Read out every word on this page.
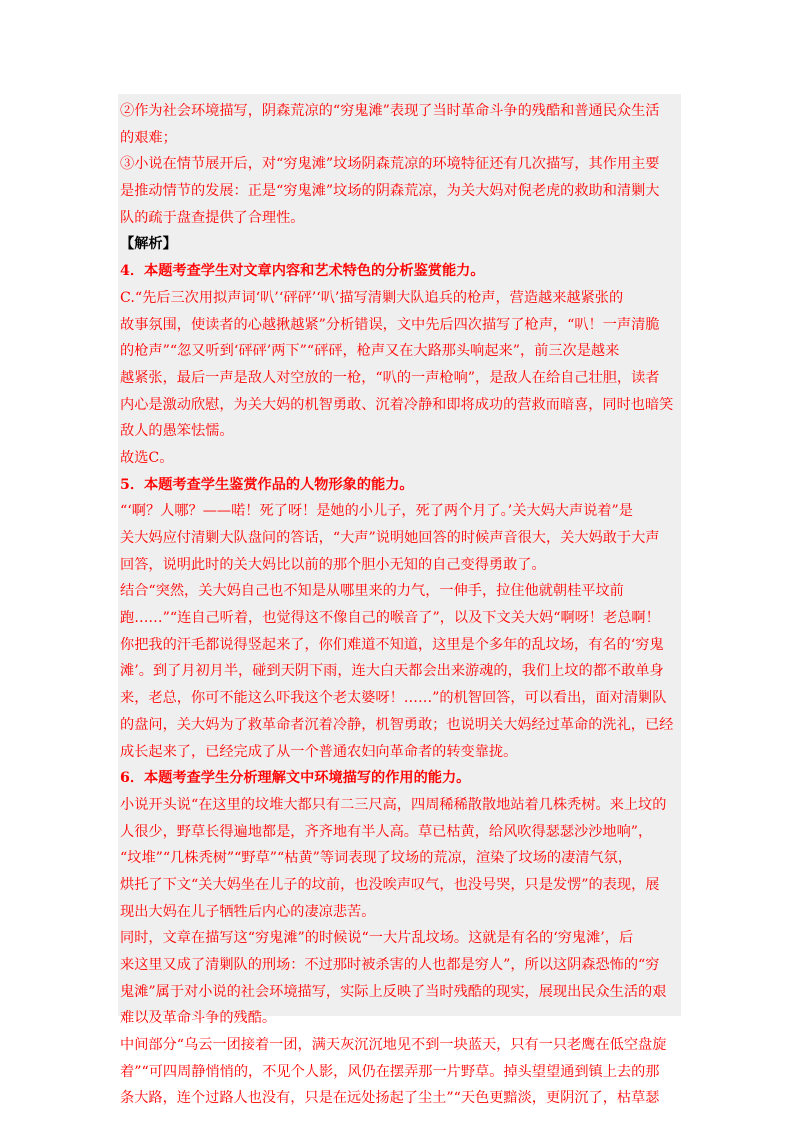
②作为社会环境描写，阴森荒凉的“穷鬼滩”表现了当时革命斗争的残酷和普通民众生活
的艰难；
③小说在情节展开后，对“穷鬼滩”坟场阴森荒凉的环境特征还有几次描写，其作用主要
是推动情节的发展：正是“穷鬼滩”坟场的阴森荒凉，为关大妈对倪老虎的救助和清剿大
队的疏于盘查提供了合理性。
【解析】
4．本题考查学生对文章内容和艺术特色的分析鉴赏能力。
C.“先后三次用拟声词‘叭’‘砰砰’‘叭’描写清剿大队追兵的枪声，营造越来越紧张的
故事氛围，使读者的心越揪越紧”分析错误，文中先后四次描写了枪声，“叭！一声清脆
的枪声”“忽又听到‘砰砰’两下”“砰砰，枪声又在大路那头响起来”，前三次是越来
越紧张，最后一声是敌人对空放的一枪，“叭的一声枪响”，是敌人在给自己壮胆，读者
内心是激动欣慰，为关大妈的机智勇敢、沉着冷静和即将成功的营救而暗喜，同时也暗笑
敌人的愚笨怯懦。
故选C。
5．本题考查学生鉴赏作品的人物形象的能力。
“‘啊？人哪？——喏！死了呀！是她的小儿子，死了两个月了。’关大妈大声说着”是
关大妈应付清剿大队盘问的答话，“大声”说明她回答的时候声音很大，关大妈敢于大声
回答，说明此时的关大妈比以前的那个胆小无知的自己变得勇敢了。
结合“突然，关大妈自己也不知是从哪里来的力气，一伸手，拉住他就朝桂平坟前
跑……”“连自己听着，也觉得这不像自己的喉音了”，以及下文关大妈“啊呀！老总啊！
你把我的汗毛都说得竖起来了，你们难道不知道，这里是个多年的乱坟场，有名的‘穷鬼
滩’。到了月初月半，碰到天阴下雨，连大白天都会出来游魂的，我们上坟的都不敢单身
来，老总，你可不能这么吓我这个老太婆呀！……”的机智回答，可以看出，面对清剿队
的盘问，关大妈为了救革命者沉着冷静，机智勇敢；也说明关大妈经过革命的洗礼，已经
成长起来了，已经完成了从一个普通农妇向革命者的转变靠拢。
6．本题考查学生分析理解文中环境描写的作用的能力。
小说开头说“在这里的坟堆大都只有二三尺高，四周稀稀散散地站着几株秃树。来上坟的
人很少，野草长得遍地都是，齐齐地有半人高。草已枯黄，给风吹得瑟瑟沙沙地响”，
“坟堆”“几株秃树”“野草”“枯黄”等词表现了坟场的荒凉，渲染了坟场的凄清气氛，
烘托了下文“关大妈坐在儿子的坟前，也没唉声叹气，也没号哭，只是发愣”的表现，展
现出大妈在儿子牺牲后内心的凄凉悲苦。
同时，文章在描写这“穷鬼滩”的时候说“一大片乱坟场。这就是有名的‘穷鬼滩’，后
来这里又成了清剿队的刑场：不过那时被杀害的人也都是穷人”，所以这阴森恐怖的“穷
鬼滩”属于对小说的社会环境描写，实际上反映了当时残酷的现实，展现出民众生活的艰
难以及革命斗争的残酷。
中间部分“乌云一团接着一团，满天灰沉沉地见不到一块蓝天，只有一只老鹰在低空盘旋
着”“可四周静悄悄的，不见个人影，风仍在摆弄那一片野草。掉头望望通到镇上去的那
条大路，连个过路人也没有，只是在远处扬起了尘土”“天色更黯淡，更阴沉了，枯草瑟
